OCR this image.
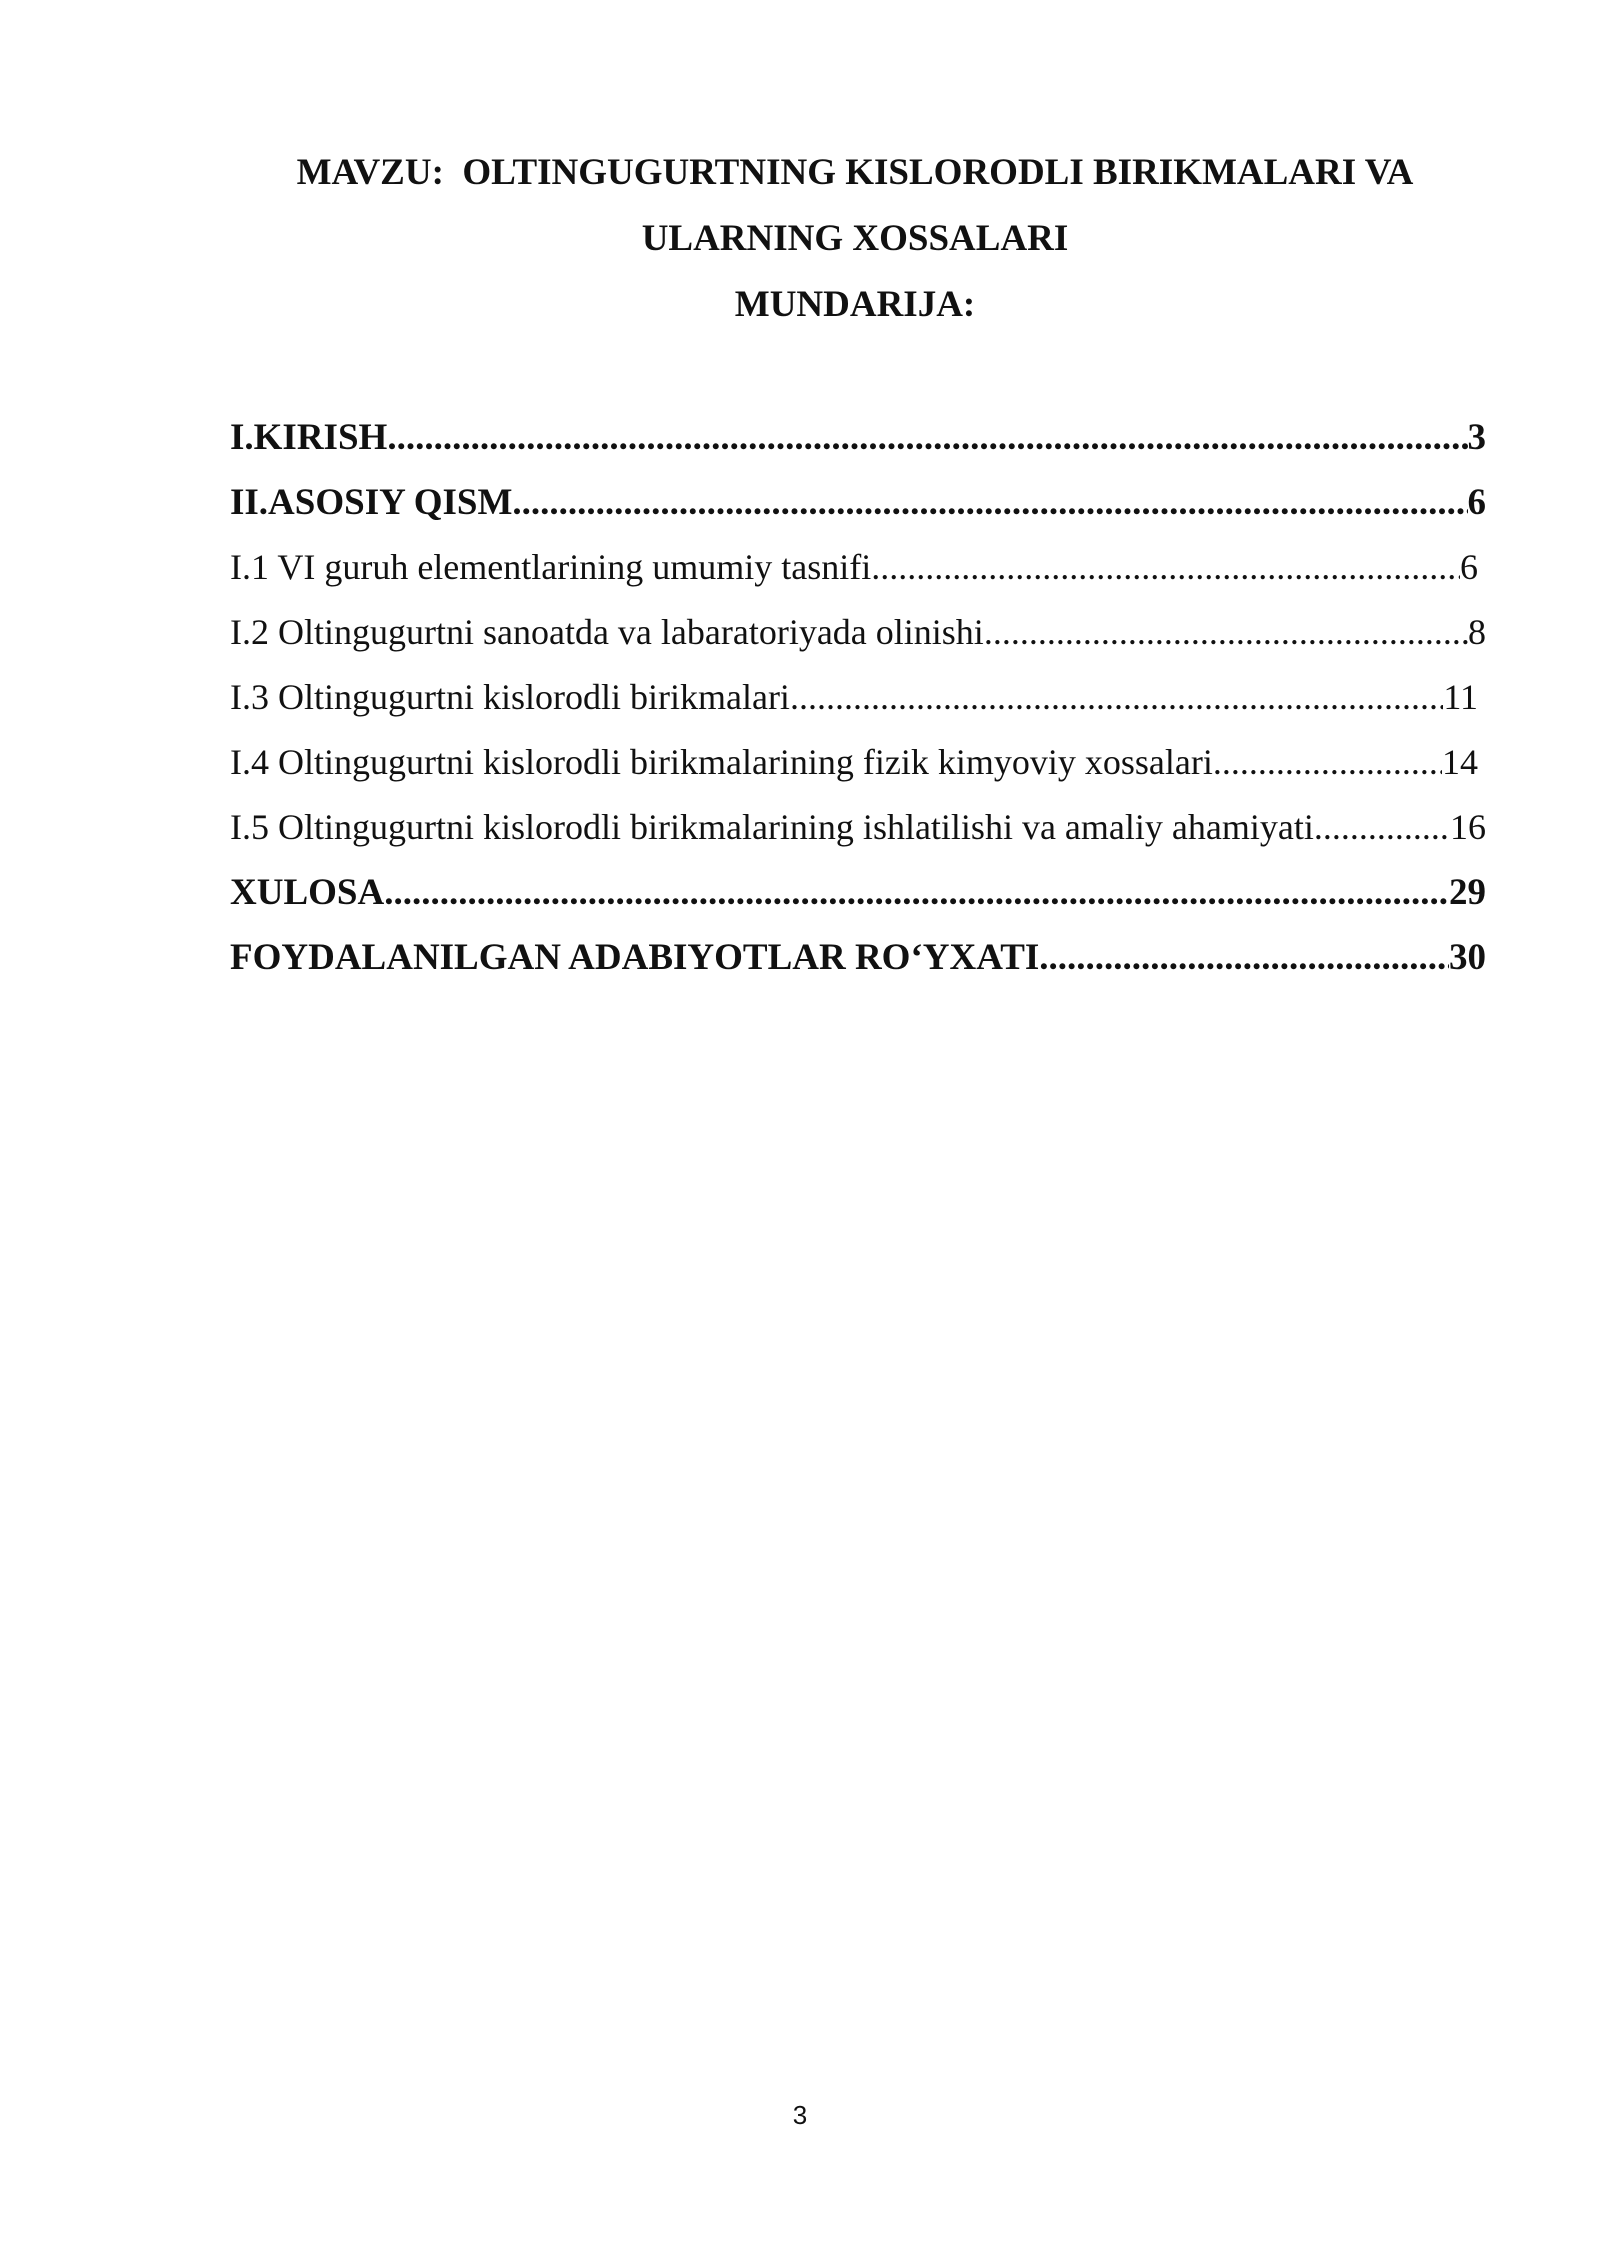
MAVZU:  OLTINGUGURTNING KISLORODLI BIRIKMALARI VA
ULARNING XOSSALARI
MUNDARIJA:
I.KIRISH .....	3
II.ASOSIY QISM .....	6
I.1 VI guruh elementlarining umumiy tasnifi .....	6
I.2 Oltingugurtni sanoatda va labaratoriyada olinishi .....	8
I.3 Oltingugurtni kislorodli birikmalari .....	11
I.4 Oltingugurtni kislorodli birikmalarining fizik kimyoviy xossalari .....	14
I.5 Oltingugurtni kislorodli birikmalarining ishlatilishi va amaliy ahamiyati .....	16
XULOSA .....	29
FOYDALANILGAN ADABIYOTLAR RO‘YXATI .....	30
3
